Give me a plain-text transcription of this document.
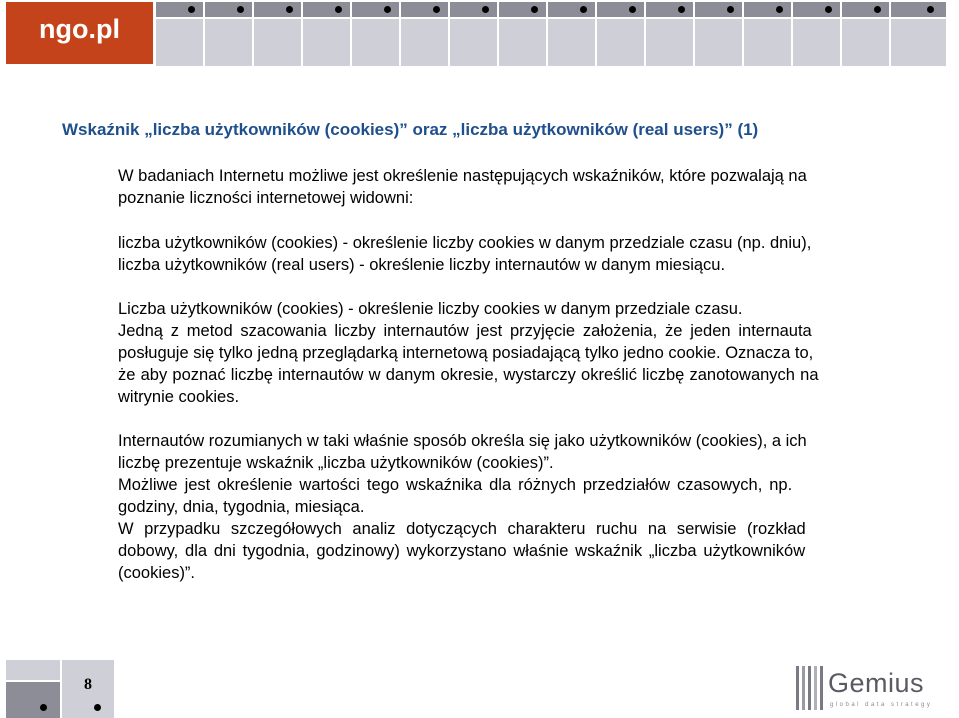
ngo.pl
Wskaźnik „liczba użytkowników (cookies)” oraz „liczba użytkowników (real users)” (1)
W badaniach Internetu możliwe jest określenie następujących wskaźników, które pozwalają na
poznanie liczności internetowej widowni:
liczba użytkowników (cookies) - określenie liczby cookies w danym przedziale czasu (np. dniu),
liczba użytkowników (real users) - określenie liczby internautów w danym miesiącu.
Liczba użytkowników (cookies) - określenie liczby cookies w danym przedziale czasu.
Jedną z metod szacowania liczby internautów jest przyjęcie założenia, że jeden internauta
posługuje się tylko jedną przeglądarką internetową posiadającą tylko jedno cookie. Oznacza to,
że aby poznać liczbę internautów w danym okresie, wystarczy określić liczbę zanotowanych na
witrynie cookies.
Internautów rozumianych w taki właśnie sposób określa się jako użytkowników (cookies), a ich
liczbę prezentuje wskaźnik „liczba użytkowników (cookies)”.
Możliwe jest określenie wartości tego wskaźnika dla różnych przedziałów czasowych, np.
godziny, dnia, tygodnia, miesiąca.
W przypadku szczegółowych analiz dotyczących charakteru ruchu na serwisie (rozkład
dobowy, dla dni tygodnia, godzinowy) wykorzystano właśnie wskaźnik „liczba użytkowników
(cookies)”.
8	Gemius
global data strategy
